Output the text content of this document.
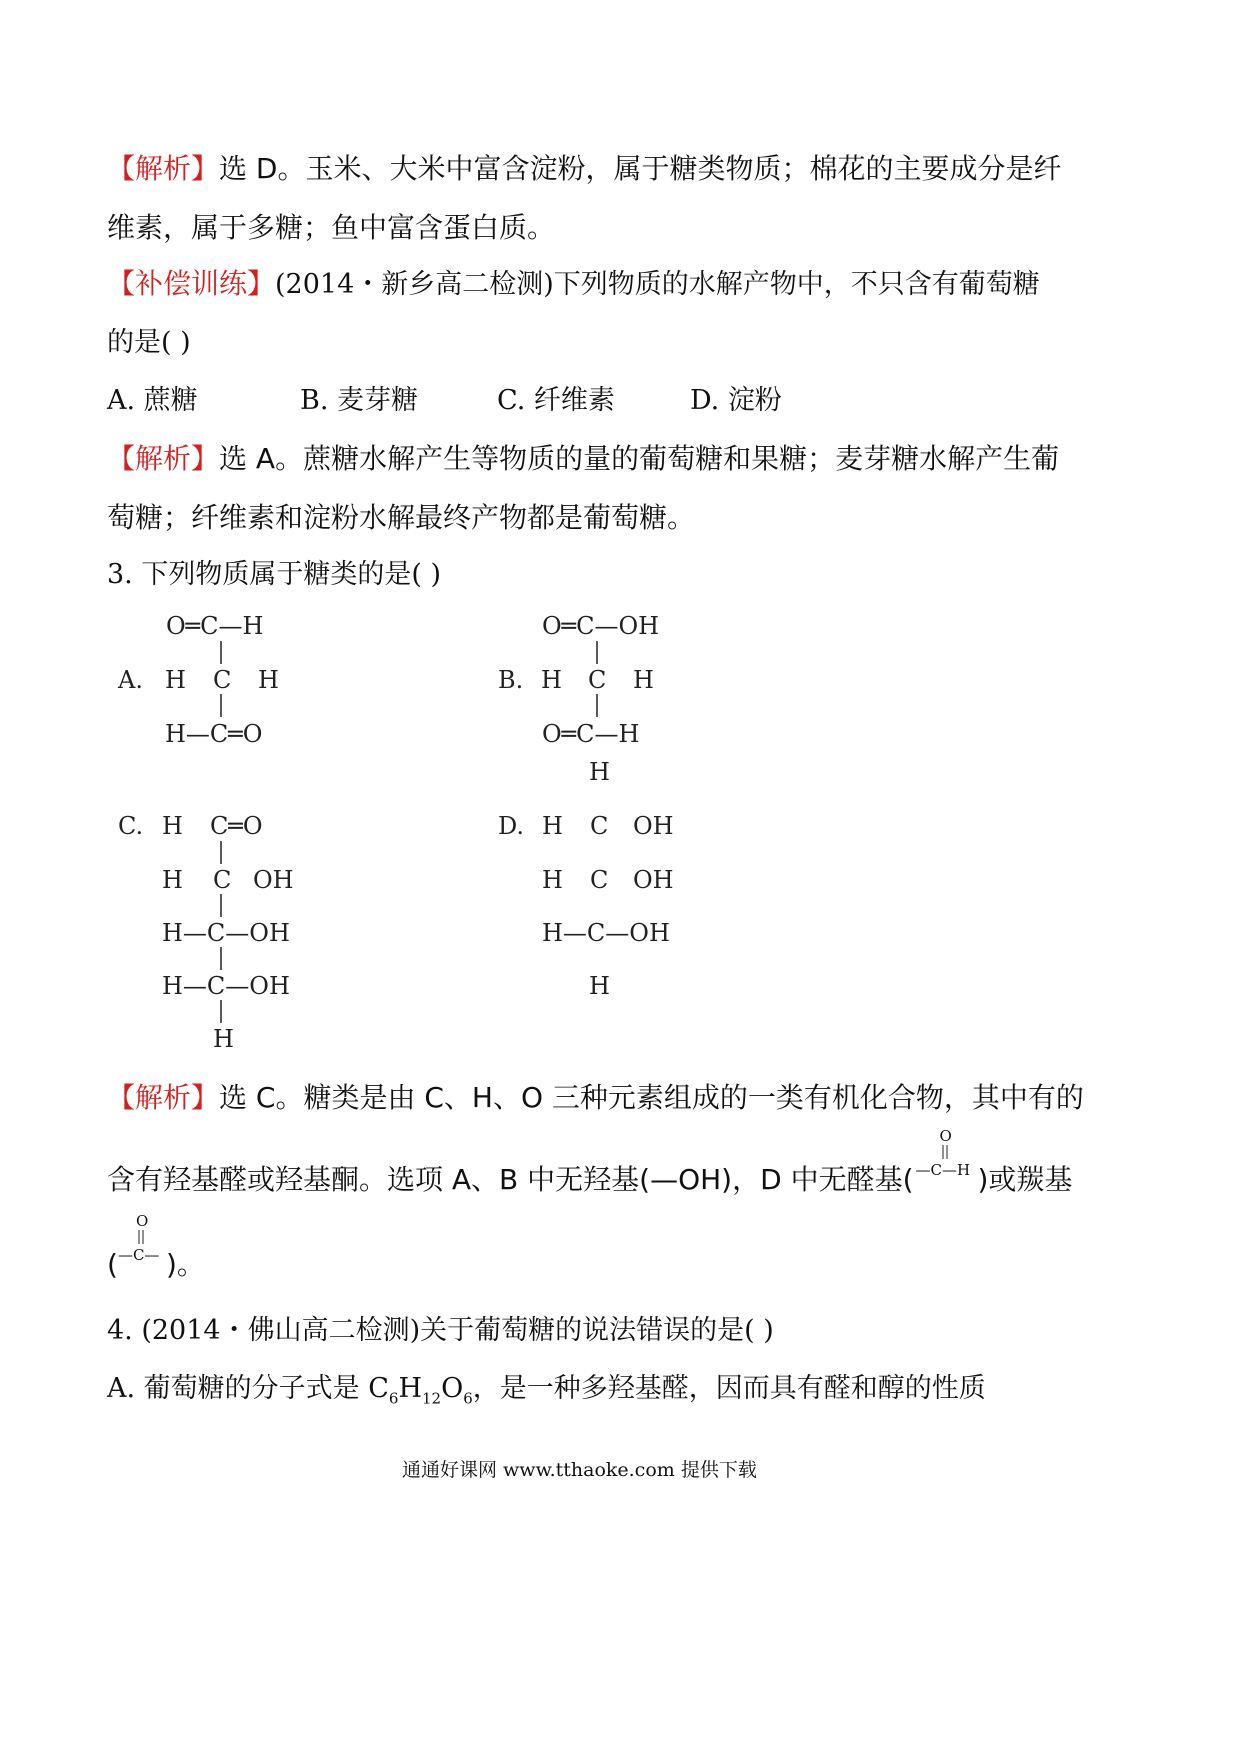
【解析】选 D。玉米、大米中富含淀粉，属于糖类物质；棉花的主要成分是纤
维素，属于多糖；鱼中富含蛋白质。
【补偿训练】(2014・新乡高二检测)下列物质的水解产物中，不只含有葡萄糖
的是( )
A. 蔗糖	B. 麦芽糖	C. 纤维素	D. 淀粉
【解析】选 A。蔗糖水解产生等物质的量的葡萄糖和果糖；麦芽糖水解产生葡
萄糖；纤维素和淀粉水解最终产物都是葡萄糖。
3. 下列物质属于糖类的是( )
A.
O═C—H
H C H
H—C═O
B.
O═C—OH
H C H
O═C—H
H
C. H C═O
H C OH
H—C—OH
H—C—OH
H
D. H C OH
H C OH
H—C—OH
H
【解析】选 C。糖类是由 C、H、O 三种元素组成的一类有机化合物，其中有的
含有羟基醛或羟基酮。选项 A、B 中无羟基(—OH)，D 中无醛基(
O
—C—H )或羰基
(
O
—C— )。
4. (2014・佛山高二检测)关于葡萄糖的说法错误的是( )
A. 葡萄糖的分子式是 $C_6H_{12}O_6$，是一种多羟基醛，因而具有醛和醇的性质
通通好课网 www.tthaoke.com 提供下载
